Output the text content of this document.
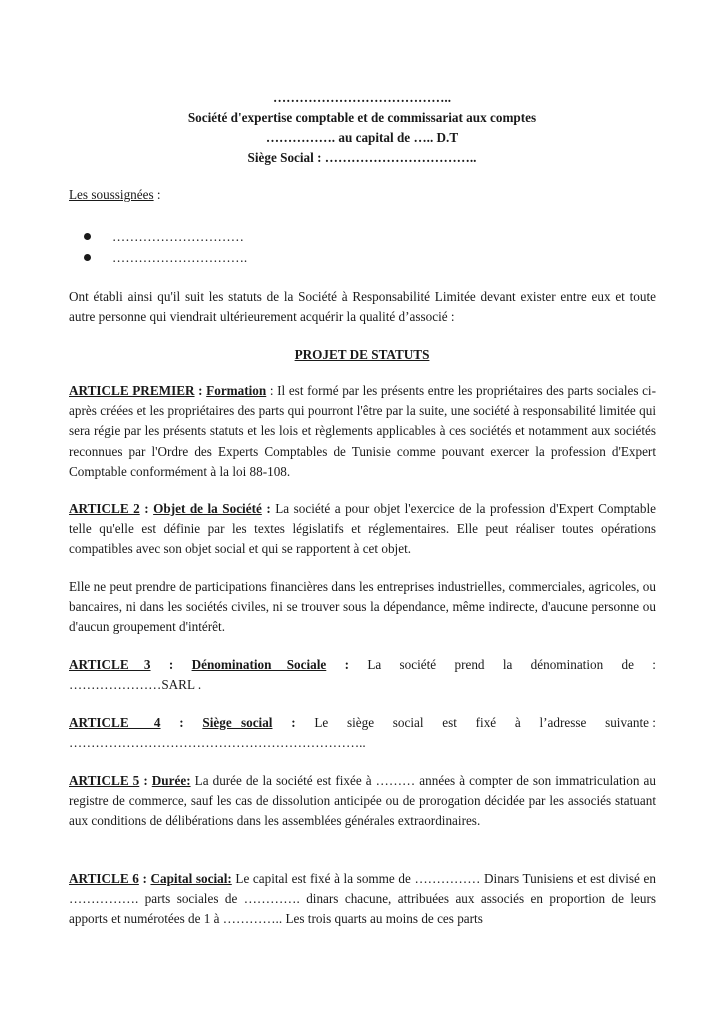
…………………………………..
Société d'expertise comptable et de commissariat aux comptes
……………. au capital de ….. D.T
Siège Social : ……………………………..
Les soussignées :
…………………………
………………………….
Ont établi ainsi qu'il suit les statuts de la Société à Responsabilité Limitée devant exister entre eux et toute autre personne qui viendrait ultérieurement acquérir la qualité d’associé :
PROJET DE STATUTS
ARTICLE PREMIER : Formation : Il est formé par les présents entre les propriétaires des parts sociales ci-après créées et les propriétaires des parts qui pourront l'être par la suite, une société à responsabilité limitée qui sera régie par les présents statuts et les lois et règlements applicables à ces sociétés et notamment aux sociétés reconnues par l'Ordre des Experts Comptables de Tunisie comme pouvant exercer la profession d'Expert Comptable conformément à la loi 88-108.
ARTICLE 2 : Objet de la Société : La société a pour objet l'exercice de la profession d'Expert Comptable telle qu'elle est définie par les textes législatifs et réglementaires. Elle peut réaliser toutes opérations compatibles avec son objet social et qui se rapportent à cet objet.
Elle ne peut prendre de participations financières dans les entreprises industrielles, commerciales, agricoles, ou bancaires, ni dans les sociétés civiles, ni se trouver sous la dépendance, même indirecte, d'aucune personne ou d'aucun groupement d'intérêt.
ARTICLE 3 : Dénomination Sociale : La société prend la dénomination de :
…………………SARL .
ARTICLE 4 : Siège social : Le siège social est fixé à l’adresse suivante :
…………………………………………………………..
ARTICLE 5 : Durée: La durée de la société est fixée à ……… années à compter de son immatriculation au registre de commerce, sauf les cas de dissolution anticipée ou de prorogation décidée par les associés statuant aux conditions de délibérations dans les assemblées générales extraordinaires.
ARTICLE 6 : Capital social: Le capital est fixé à la somme de …………… Dinars Tunisiens et est divisé en ……………. parts sociales de …………. dinars chacune, attribuées aux associés en proportion de leurs apports et numérotées de 1 à ………….. Les trois quarts au moins de ces parts
